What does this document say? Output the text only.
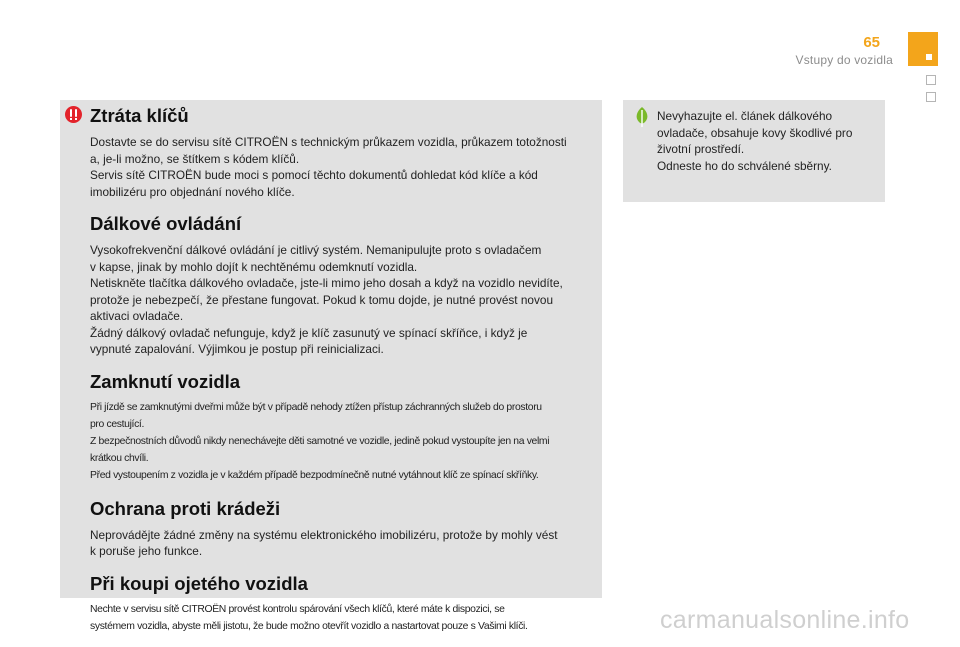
65
Vstupy do vozidla
Ztráta klíčů

Dostavte se do servisu sítě CITROËN s technickým průkazem vozidla, průkazem totožnosti
a, je-li možno, se štítkem s kódem klíčů.
Servis sítě CITROËN bude moci s pomocí těchto dokumentů dohledat kód klíče a kód
imobilizéru pro objednání nového klíče.

Dálkové ovládání

Vysokofrekvenční dálkové ovládání je citlivý systém. Nemanipulujte proto s ovladačem
v kapse, jinak by mohlo dojít k nechtěnému odemknutí vozidla.
Netiskněte tlačítka dálkového ovladače, jste-li mimo jeho dosah a když na vozidlo nevidíte,
protože je nebezpečí, že přestane fungovat. Pokud k tomu dojde, je nutné provést novou
aktivaci ovladače.
Žádný dálkový ovladač nefunguje, když je klíč zasunutý ve spínací skříňce, i když je
vypnuté zapalování. Výjimkou je postup při reinicializaci.

Zamknutí vozidla

Při jízdě se zamknutými dveřmi může být v případě nehody ztížen přístup záchranných služeb do prostoru
pro cestující.
Z bezpečnostních důvodů nikdy nenechávejte děti samotné ve vozidle, jedině pokud vystoupíte jen na velmi
krátkou chvíli.
Před vystoupením z vozidla je v každém případě bezpodmínečně nutné vytáhnout klíč ze spínací skříňky.

Ochrana proti krádeži

Neprovádějte žádné změny na systému elektronického imobilizéru, protože by mohly vést
k poruše jeho funkce.

Při koupi ojetého vozidla

Nechte v servisu sítě CITROËN provést kontrolu spárování všech klíčů, které máte k dispozici, se
systémem vozidla, abyste měli jistotu, že bude možno otevřít vozidlo a nastartovat pouze s Vašimi klíči.

Nevyhazujte el. článek dálkového
ovladače, obsahuje kovy škodlivé pro
životní prostředí.
Odneste ho do schválené sběrny.
carmanualsonline.info
